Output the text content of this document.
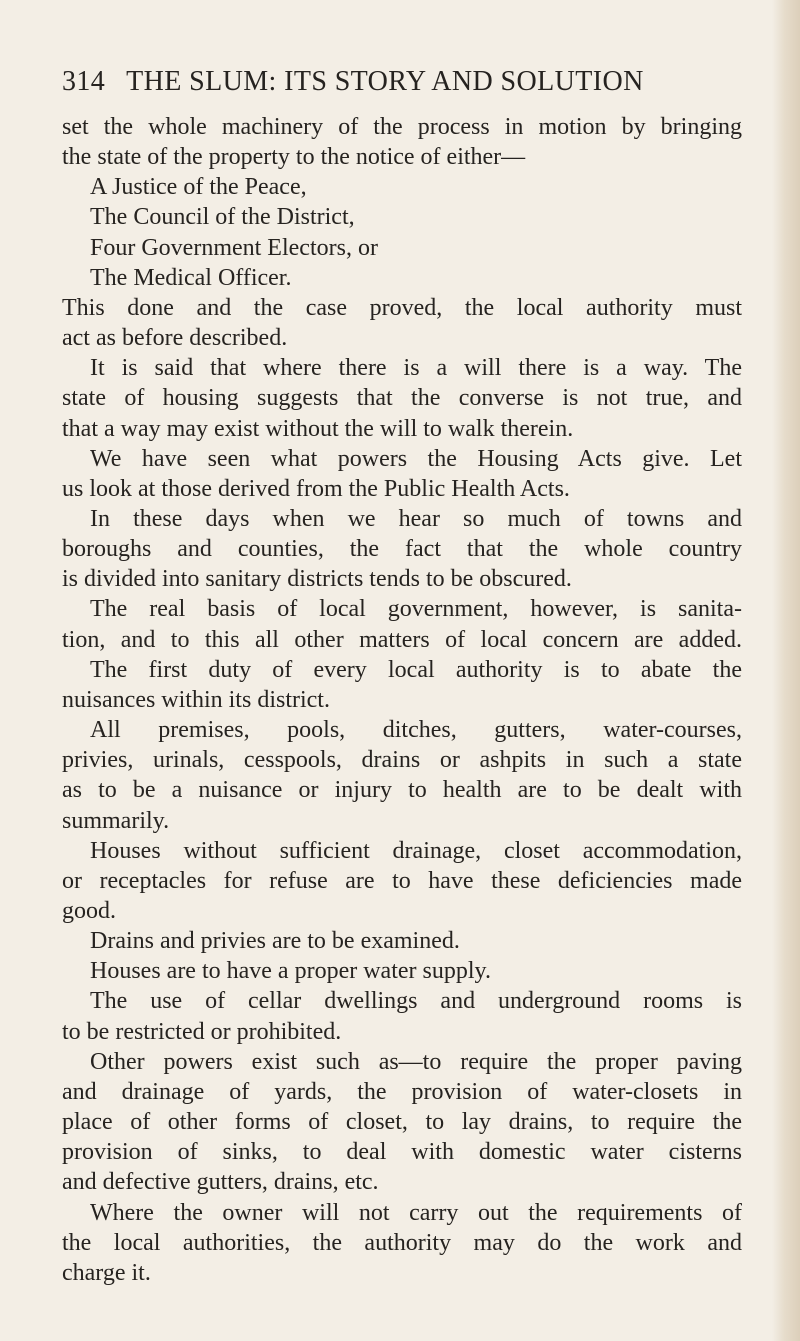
314 THE SLUM: ITS STORY AND SOLUTION
set the whole machinery of the process in motion by bringing
the state of the property to the notice of either—
A Justice of the Peace,
The Council of the District,
Four Government Electors, or
The Medical Officer.
This done and the case proved, the local authority must
act as before described.
It is said that where there is a will there is a way. The
state of housing suggests that the converse is not true, and
that a way may exist without the will to walk therein.
We have seen what powers the Housing Acts give. Let
us look at those derived from the Public Health Acts.
In these days when we hear so much of towns and
boroughs and counties, the fact that the whole country
is divided into sanitary districts tends to be obscured.
The real basis of local government, however, is sanita-
tion, and to this all other matters of local concern are added.
The first duty of every local authority is to abate the
nuisances within its district.
All premises, pools, ditches, gutters, water-courses,
privies, urinals, cesspools, drains or ashpits in such a state
as to be a nuisance or injury to health are to be dealt with
summarily.
Houses without sufficient drainage, closet accommodation,
or receptacles for refuse are to have these deficiencies made
good.
Drains and privies are to be examined.
Houses are to have a proper water supply.
The use of cellar dwellings and underground rooms is
to be restricted or prohibited.
Other powers exist such as—to require the proper paving
and drainage of yards, the provision of water-closets in
place of other forms of closet, to lay drains, to require the
provision of sinks, to deal with domestic water cisterns
and defective gutters, drains, etc.
Where the owner will not carry out the requirements of
the local authorities, the authority may do the work and
charge it.
